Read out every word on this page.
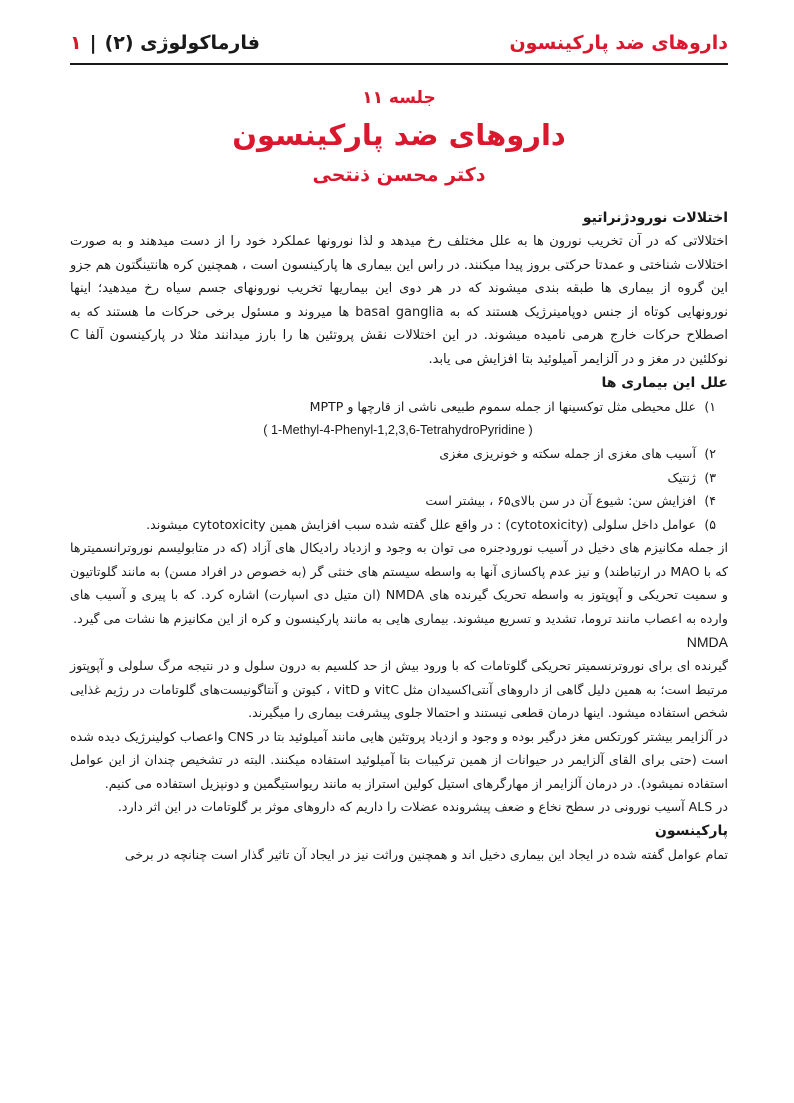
داروهای ضد پارکینسون
فارماکولوژی (۲)
|
۱
جلسه ۱۱
داروهای ضد پارکینسون
دکتر محسن ذنتحی
اختلالات نورودژنراتیو

اختلالاتی که در آن تخریب نورون ها به علل مختلف رخ میدهد و لذا نورونها عملکرد خود را از دست میدهند و به صورت اختلالات شناختی و عمدتا حرکتی بروز پیدا میکنند. در راس این بیماری ها پارکینسون است ، همچنین کره هانتینگتون هم جزو این گروه از بیماری ها طبقه بندی میشوند که در هر دوی این بیماریها تخریب نورونهای جسم سیاه رخ میدهید؛ اینها نورونهایی کوتاه از جنس دوپامینرژیک هستند که به basal ganglia ها میروند و مسئول برخی حرکات ما هستند که به اصطلاح حرکات خارج هرمی نامیده میشوند. در این اختلالات نقش پروتئین ها را بارز میدانند مثلا در پارکینسون آلفا C نوکلئین در مغز و در آلزایمر آمیلوئید بتا افزایش می یابد.

علل این بیماری ها
۱)
علل محیطی مثل توکسینها از جمله سموم طبیعی ناشی از قارچها و MPTP
( 1-Methyl-4-Phenyl-1,2,3,6-TetrahydroPyridine )
۲)
آسیب های مغزی از جمله سکته و خونریزی مغزی
۳)
ژنتیک
۴)
افزایش سن: شیوع آن در سن بالای۶۵ ، بیشتر است
۵)
عوامل داخل سلولی (cytotoxicity) : در واقع علل گفته شده سبب افزایش همین cytotoxicity میشوند.

از جمله مکانیزم های دخیل در آسیب نورودجنره می توان به وجود و ازدیاد رادیکال های آزاد (که در متابولیسم نوروترانسمیترها که با MAO در ارتباطند) و نیز عدم پاکسازی آنها به واسطه سیستم های خنثی گر (به خصوص در افراد مسن) به مانند گلوتاتیون و سمیت تحریکی و آپوپتوز به واسطه تحریک گیرنده های NMDA (ان متیل دی اسپارت) اشاره کرد. که با پیری و آسیب های وارده به اعصاب مانند تروما، تشدید و تسریع میشوند. بیماری هایی به مانند پارکینسون و کره از این مکانیزم ها نشات می گیرد.

NMDA

گیرنده ای برای نوروترنسمیتر تحریکی گلوتامات که با ورود بیش از حد کلسیم به درون سلول و در نتیجه مرگ سلولی و آپوپتوز مرتبط است؛ به همین دلیل گاهی از داروهای آنتی‌اکسیدان مثل vitC و vitD ، کیوتن و آنتاگونیست‌های گلوتامات در رژیم غذایی شخص استفاده میشود. اینها درمان قطعی نیستند و احتمالا جلوی پیشرفت بیماری را میگیرند.

در آلزایمر بیشتر کورتکس مغز درگیر بوده و وجود و ازدیاد پروتئین هایی مانند آمیلوئید بتا در CNS واعصاب کولینرژیک دیده شده است (حتی برای القای آلزایمر در حیوانات از همین ترکیبات بتا آمیلوئید استفاده میکنند. البته در تشخیص چندان از این عوامل استفاده نمیشود). در درمان آلزایمر از مهارگرهای استیل کولین استراز به مانند ریواستیگمین و دونپزیل استفاده می کنیم.

در ALS آسیب نورونی در سطح نخاع و ضعف پیشرونده عضلات را داریم که داروهای موثر بر گلوتامات در این اثر دارد.

پارکینسون

تمام عوامل گفته شده در ایجاد این بیماری دخیل اند و همچنین وراثت نیز در ایجاد آن تاثیر گذار است چنانچه در برخی
